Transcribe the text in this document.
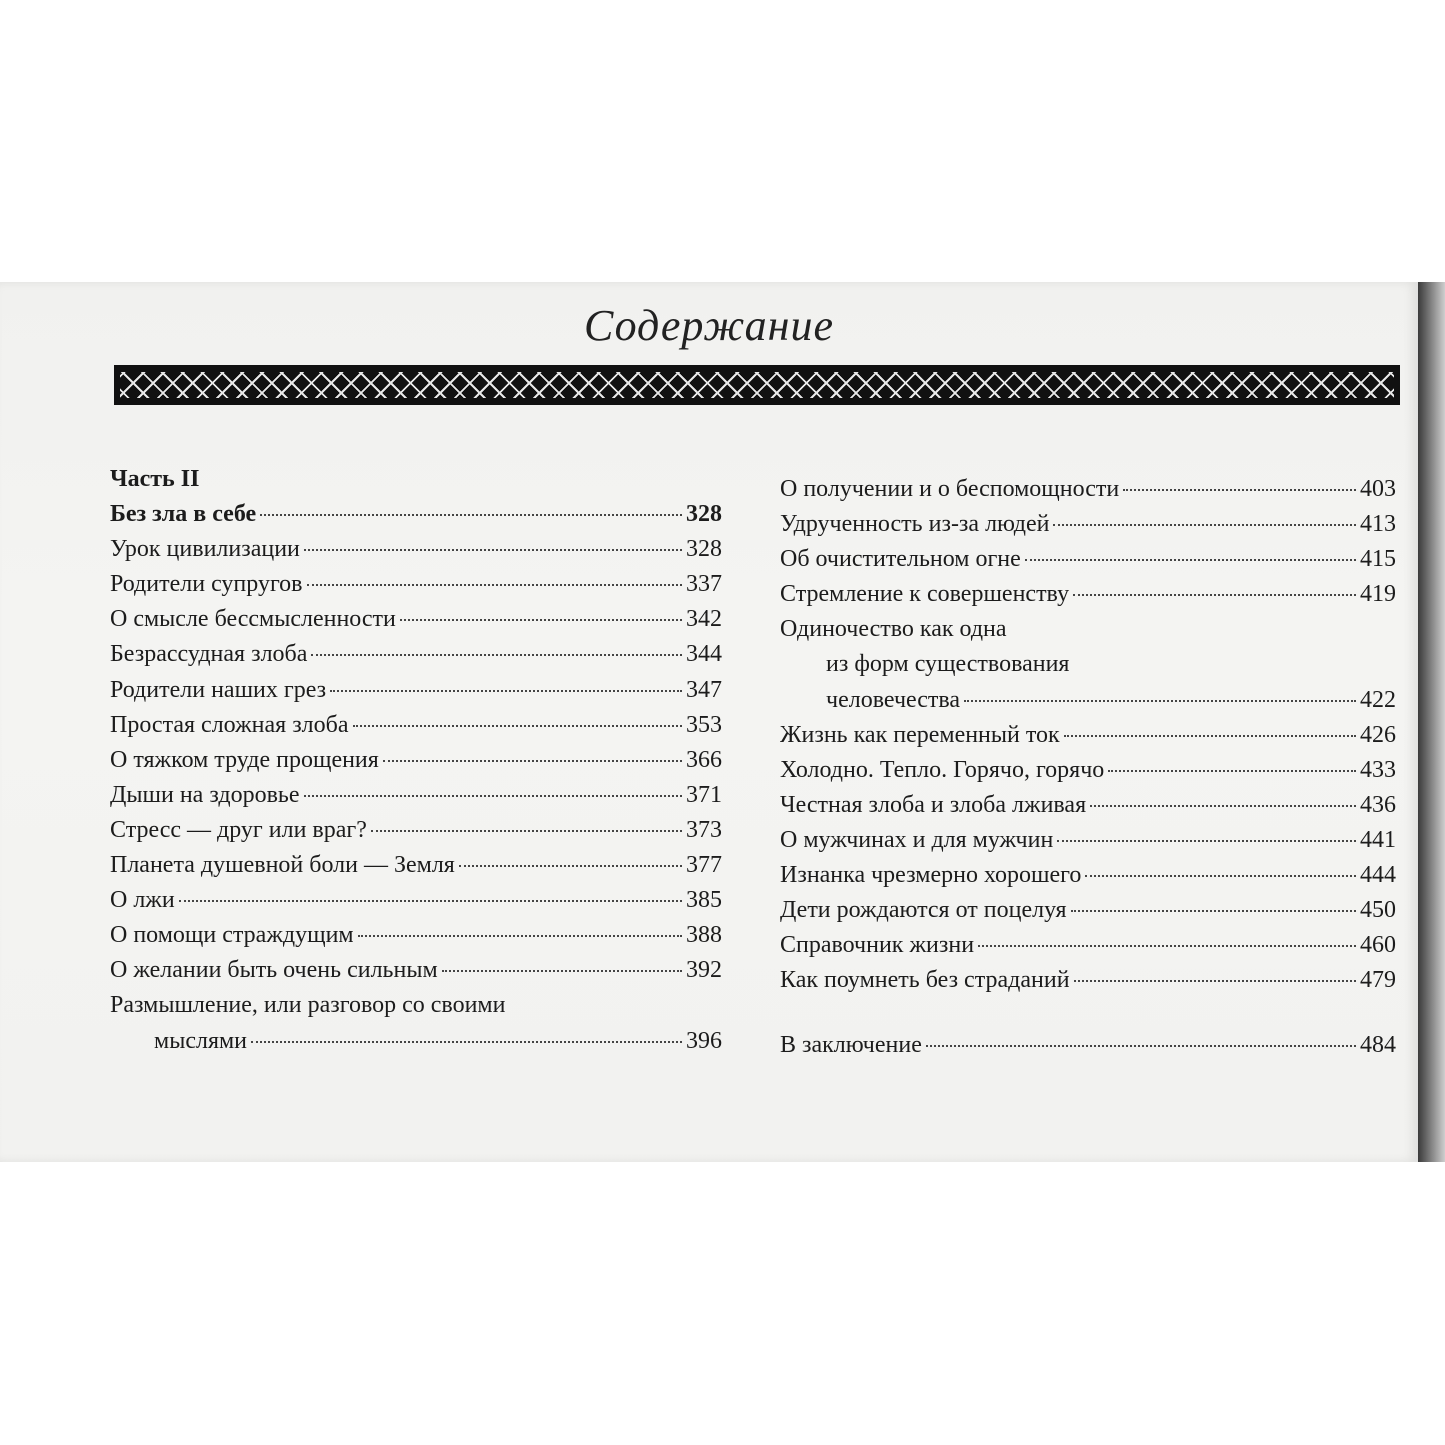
Содержание
Часть II
Без зла в себе	328
Урок цивилизации	328
Родители супругов	337
О смысле бессмысленности	342
Безрассудная злоба	344
Родители наших грез	347
Простая сложная злоба	353
О тяжком труде прощения	366
Дыши на здоровье	371
Стресс — друг или враг?	373
Планета душевной боли — Земля	377
О лжи	385
О помощи страждущим	388
О желании быть очень сильным	392
Размышление, или разговор со своими
мыслями	396
О получении и о беспомощности	403
Удрученность из-за людей	413
Об очистительном огне	415
Стремление к совершенству	419
Одиночество как одна
из форм существования
человечества	422
Жизнь как переменный ток	426
Холодно. Тепло. Горячо, горячо	433
Честная злоба и злоба лживая	436
О мужчинах и для мужчин	441
Изнанка чрезмерно хорошего	444
Дети рождаются от поцелуя	450
Справочник жизни	460
Как поумнеть без страданий	479
В заключение	484
